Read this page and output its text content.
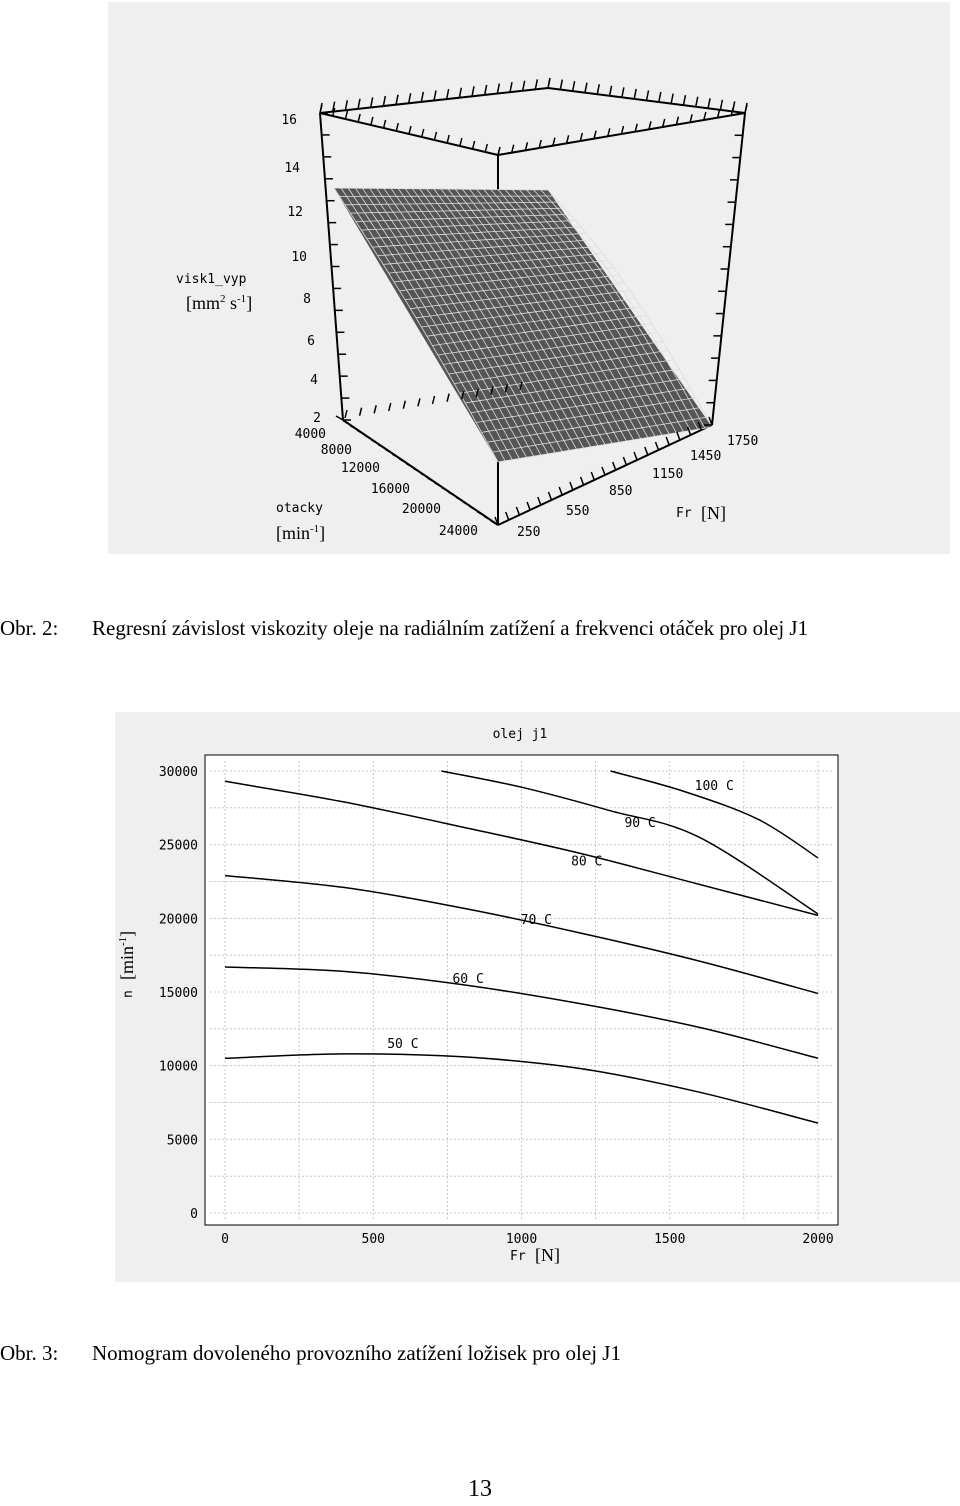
16
14
12
10
8
6
4
2
visk1_vyp
[$mm^2$ $s^{-1}$]
4000
8000
12000
16000
20000
24000
otacky
$[\min^{-1}]$	250
550
850
1150
1450
1750
Fr [N]
Obr. 2: Regresní závislost viskozity oleje na radiálním zatížení a frekvenci otáček pro olej J1
50 C
60 C
70 C
80 C
90 C
100 C
0
5000
10000
15000
20000
25000
30000
0	500	1000	1500	2000
olej j1
Fr [N]
n
$[\min^{-1}]$
Obr. 3: Nomogram dovoleného provozního zatížení ložisek pro olej J1
13
